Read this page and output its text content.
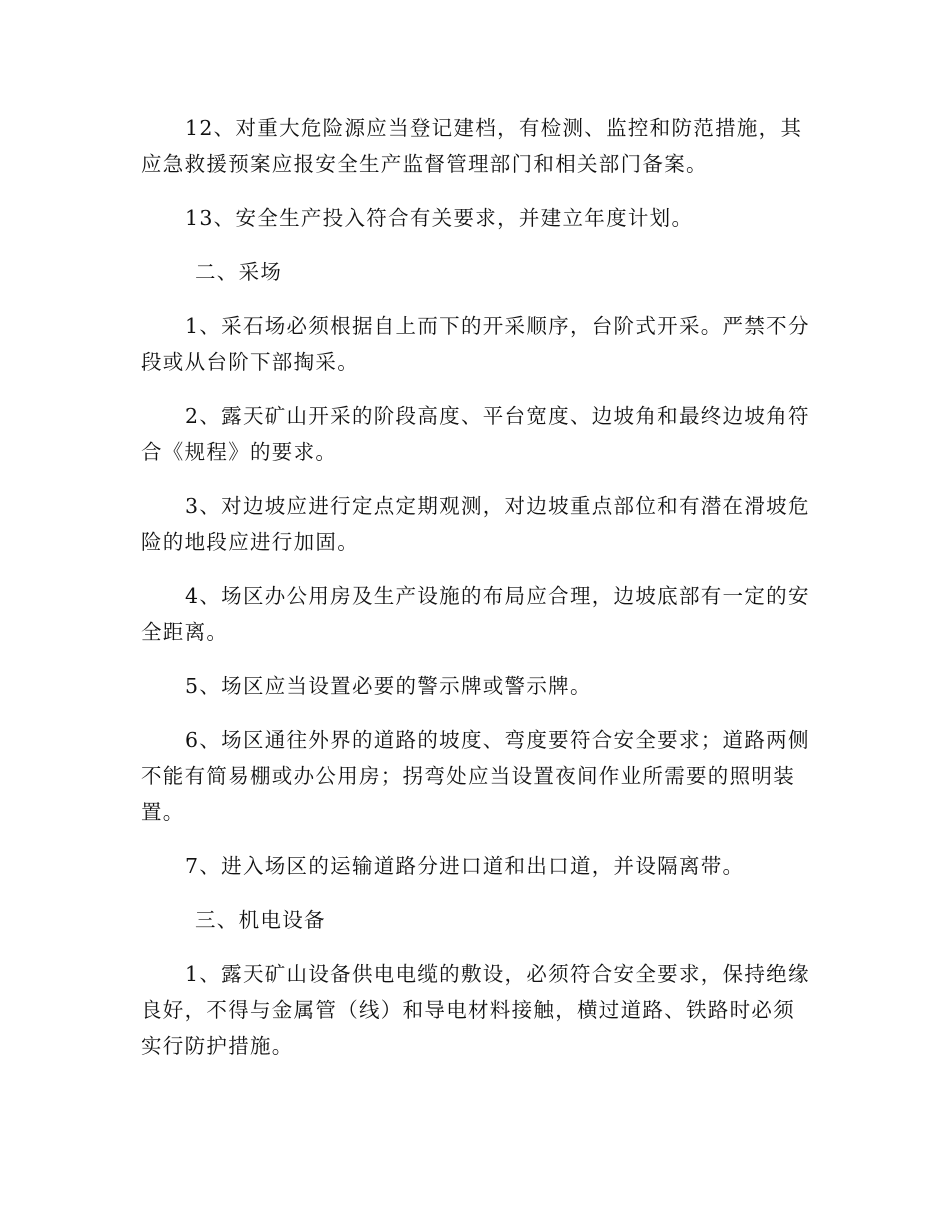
12、对重大危险源应当登记建档，有检测、监控和防范措施，其应急救援预案应报安全生产监督管理部门和相关部门备案。

13、安全生产投入符合有关要求，并建立年度计划。

二、采场

1、采石场必须根据自上而下的开采顺序，台阶式开采。严禁不分段或从台阶下部掏采。

2、露天矿山开采的阶段高度、平台宽度、边坡角和最终边坡角符合《规程》的要求。

3、对边坡应进行定点定期观测，对边坡重点部位和有潜在滑坡危险的地段应进行加固。

4、场区办公用房及生产设施的布局应合理，边坡底部有一定的安全距离。

5、场区应当设置必要的警示牌或警示牌。

6、场区通往外界的道路的坡度、弯度要符合安全要求；道路两侧不能有简易棚或办公用房；拐弯处应当设置夜间作业所需要的照明装置。

7、进入场区的运输道路分进口道和出口道，并设隔离带。

三、机电设备

1、露天矿山设备供电电缆的敷设，必须符合安全要求，保持绝缘良好，不得与金属管（线）和导电材料接触，横过道路、铁路时必须实行防护措施。
